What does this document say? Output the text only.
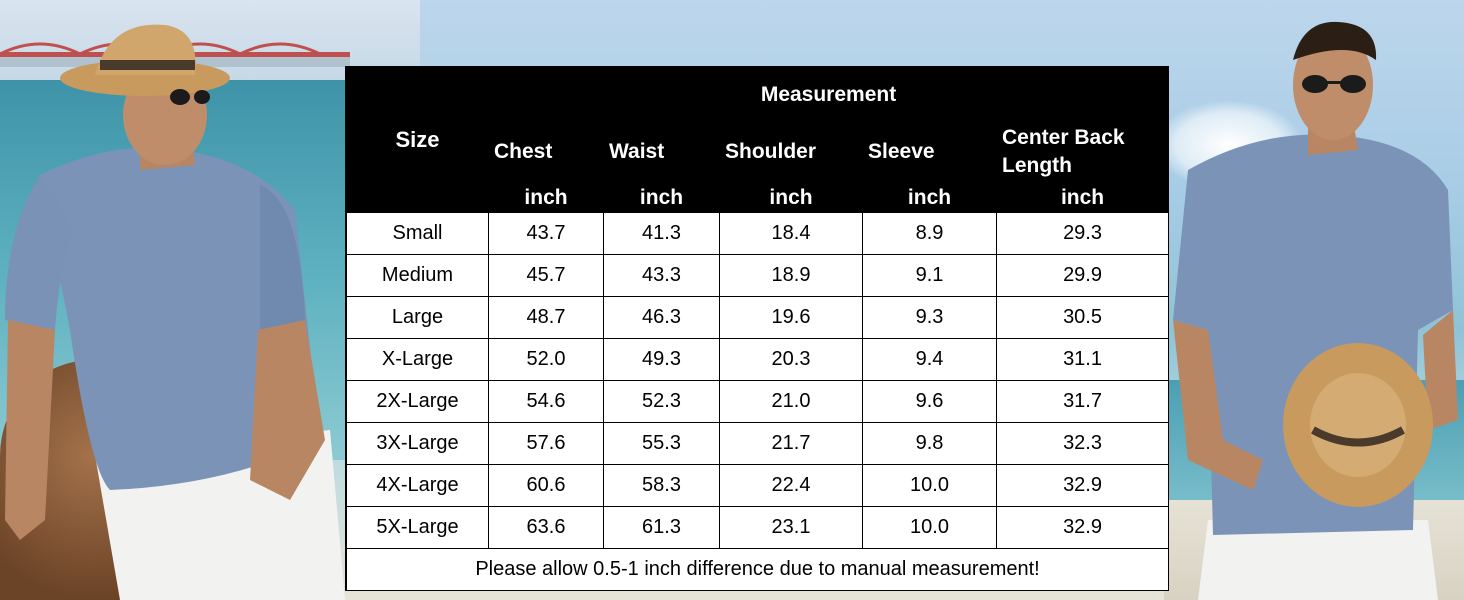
Size	Measurement				
	Chest	Waist	Shoulder	Sleeve	Center Back Length
	inch	inch	inch	inch	inch
Small	43.7	41.3	18.4	8.9	29.3
Medium	45.7	43.3	18.9	9.1	29.9
Large	48.7	46.3	19.6	9.3	30.5
X-Large	52.0	49.3	20.3	9.4	31.1
2X-Large	54.6	52.3	21.0	9.6	31.7
3X-Large	57.6	55.3	21.7	9.8	32.3
4X-Large	60.6	58.3	22.4	10.0	32.9
5X-Large	63.6	61.3	23.1	10.0	32.9
Please allow 0.5-1 inch difference due to manual measurement!					
